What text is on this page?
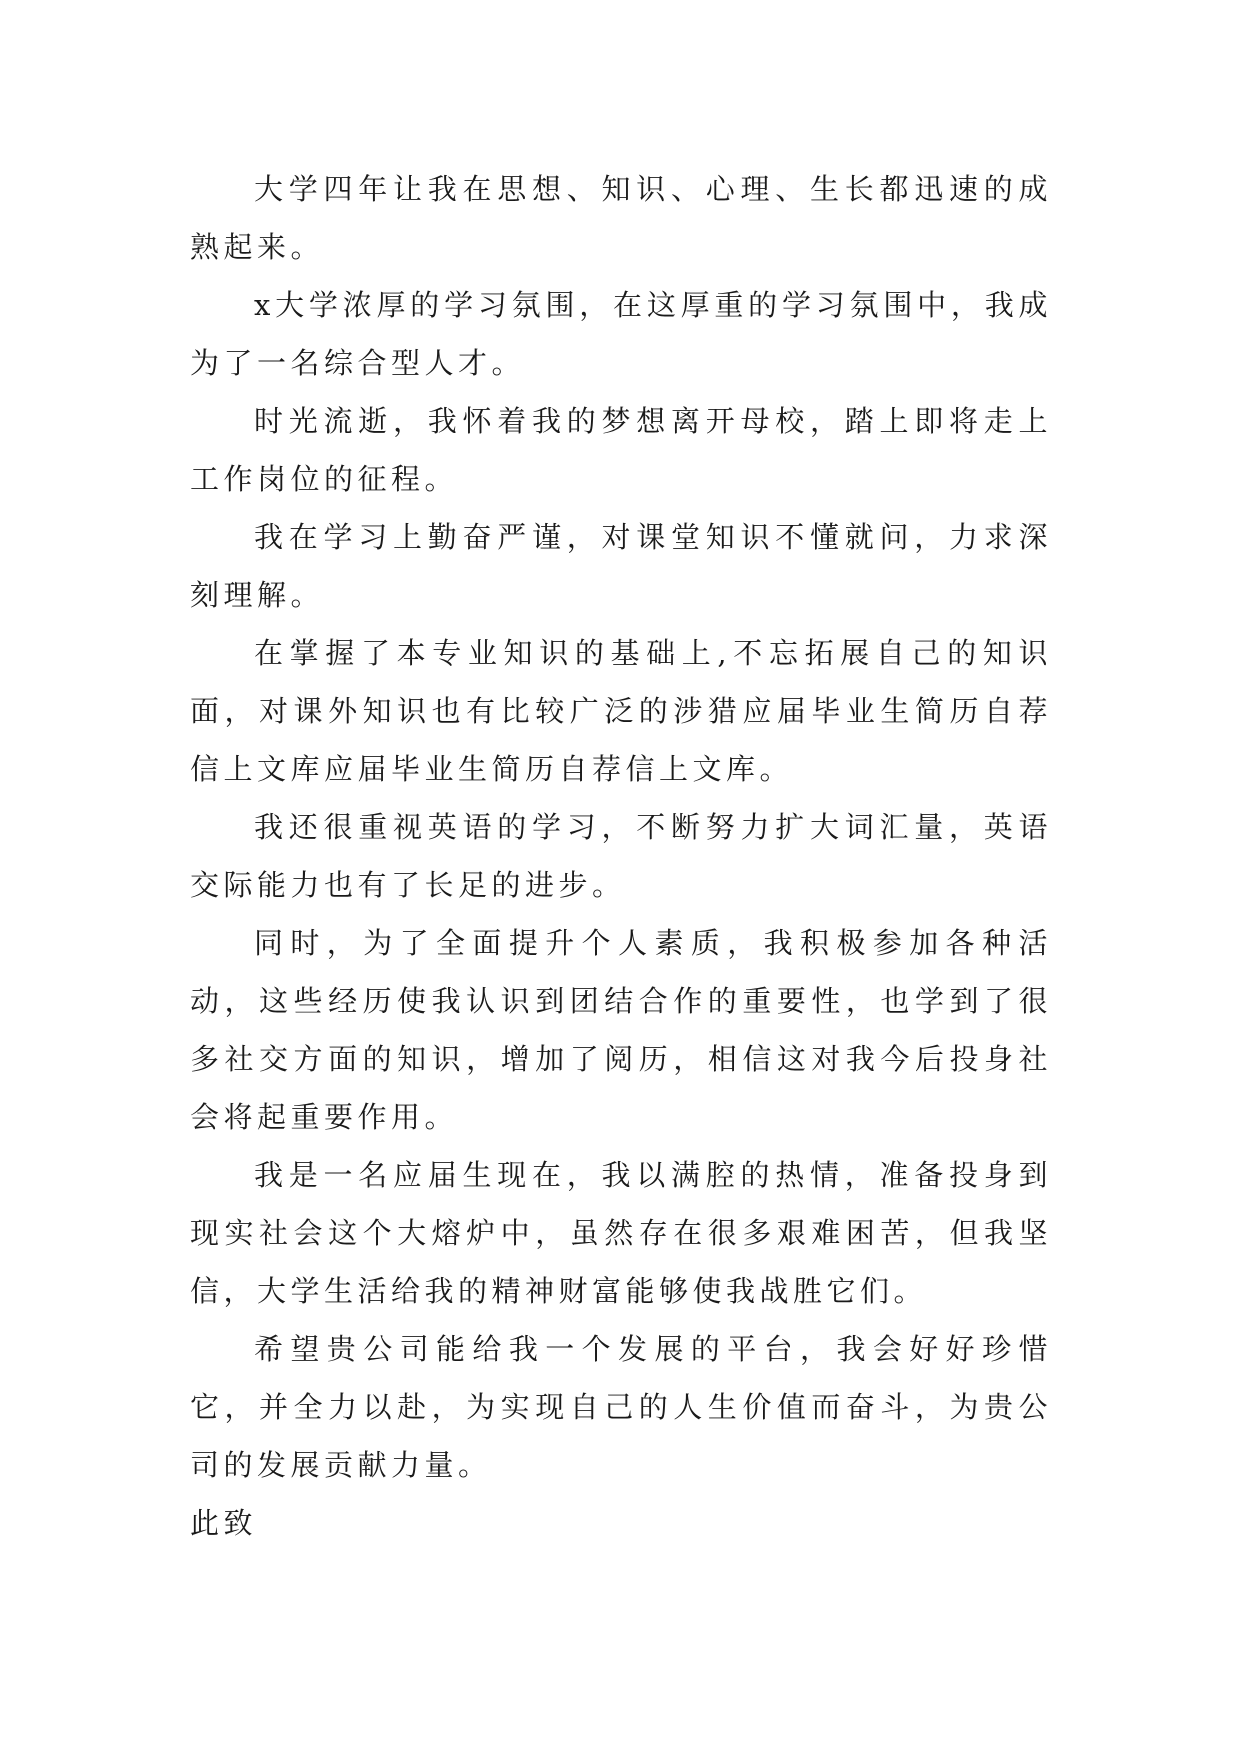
大学四年让我在思想、知识、心理、生长都迅速的成熟起来。

x大学浓厚的学习氛围，在这厚重的学习氛围中，我成为了一名综合型人才。

时光流逝，我怀着我的梦想离开母校，踏上即将走上工作岗位的征程。

我在学习上勤奋严谨，对课堂知识不懂就问，力求深刻理解。

在掌握了本专业知识的基础上,不忘拓展自己的知识面，对课外知识也有比较广泛的涉猎应届毕业生简历自荐信上文库应届毕业生简历自荐信上文库。

我还很重视英语的学习，不断努力扩大词汇量，英语交际能力也有了长足的进步。

同时，为了全面提升个人素质，我积极参加各种活动，这些经历使我认识到团结合作的重要性，也学到了很多社交方面的知识，增加了阅历，相信这对我今后投身社会将起重要作用。

我是一名应届生现在，我以满腔的热情，准备投身到现实社会这个大熔炉中，虽然存在很多艰难困苦，但我坚信，大学生活给我的精神财富能够使我战胜它们。

希望贵公司能给我一个发展的平台，我会好好珍惜它，并全力以赴，为实现自己的人生价值而奋斗，为贵公司的发展贡献力量。

此致
